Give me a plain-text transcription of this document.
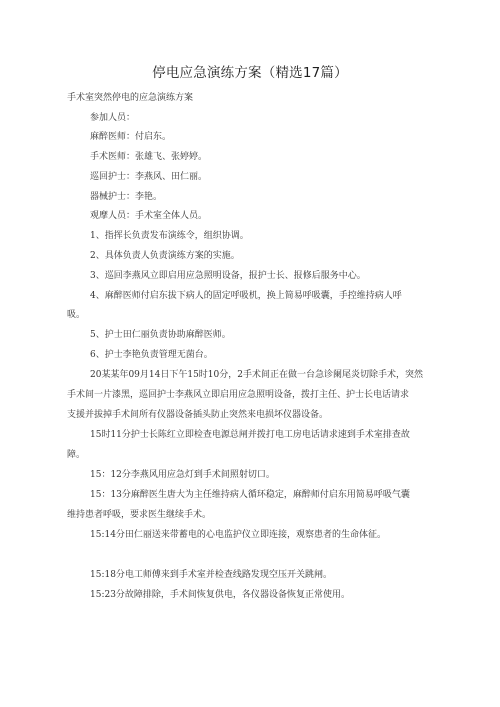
停电应急演练方案（精选17篇）
手术室突然停电的应急演练方案
参加人员：
麻醉医师：付启东。
手术医师：张雄飞、张婷婷。
巡回护士：李燕风、田仁丽。
器械护士：李艳。
观摩人员：手术室全体人员。
1、指挥长负责发布演练令，组织协调。
2、具体负责人负责演练方案的实施。
3、巡回李燕风立即启用应急照明设备，报护士长、报修后服务中心。
4、麻醉医师付启东拔下病人的固定呼吸机，换上简易呼吸囊，手控维持病人呼
吸。
5、护士田仁丽负责协助麻醉医师。
6、护士李艳负责管理无菌台。
20某某年09月14日下午15时10分，2手术间正在做一台急诊阑尾炎切除手术，突然
手术间一片漆黑，巡回护士李燕风立即启用应急照明设备，拨打主任、护士长电话请求
支援并拔掉手术间所有仪器设备插头防止突然来电损坏仪器设备。
15时11分护士长陈红立即检查电源总闸并拨打电工房电话请求速到手术室排查故
障。
15：12分李燕风用应急灯到手术间照射切口。
15：13分麻醉医生唐大为主任维持病人循环稳定，麻醉师付启东用简易呼吸气囊
维持患者呼吸，要求医生继续手术。
15:14分田仁丽送来带蓄电的心电监护仪立即连接，观察患者的生命体征。
15:18分电工师傅来到手术室并检查线路发现空压开关跳闸。
15:23分故障排除，手术间恢复供电，各仪器设备恢复正常使用。
